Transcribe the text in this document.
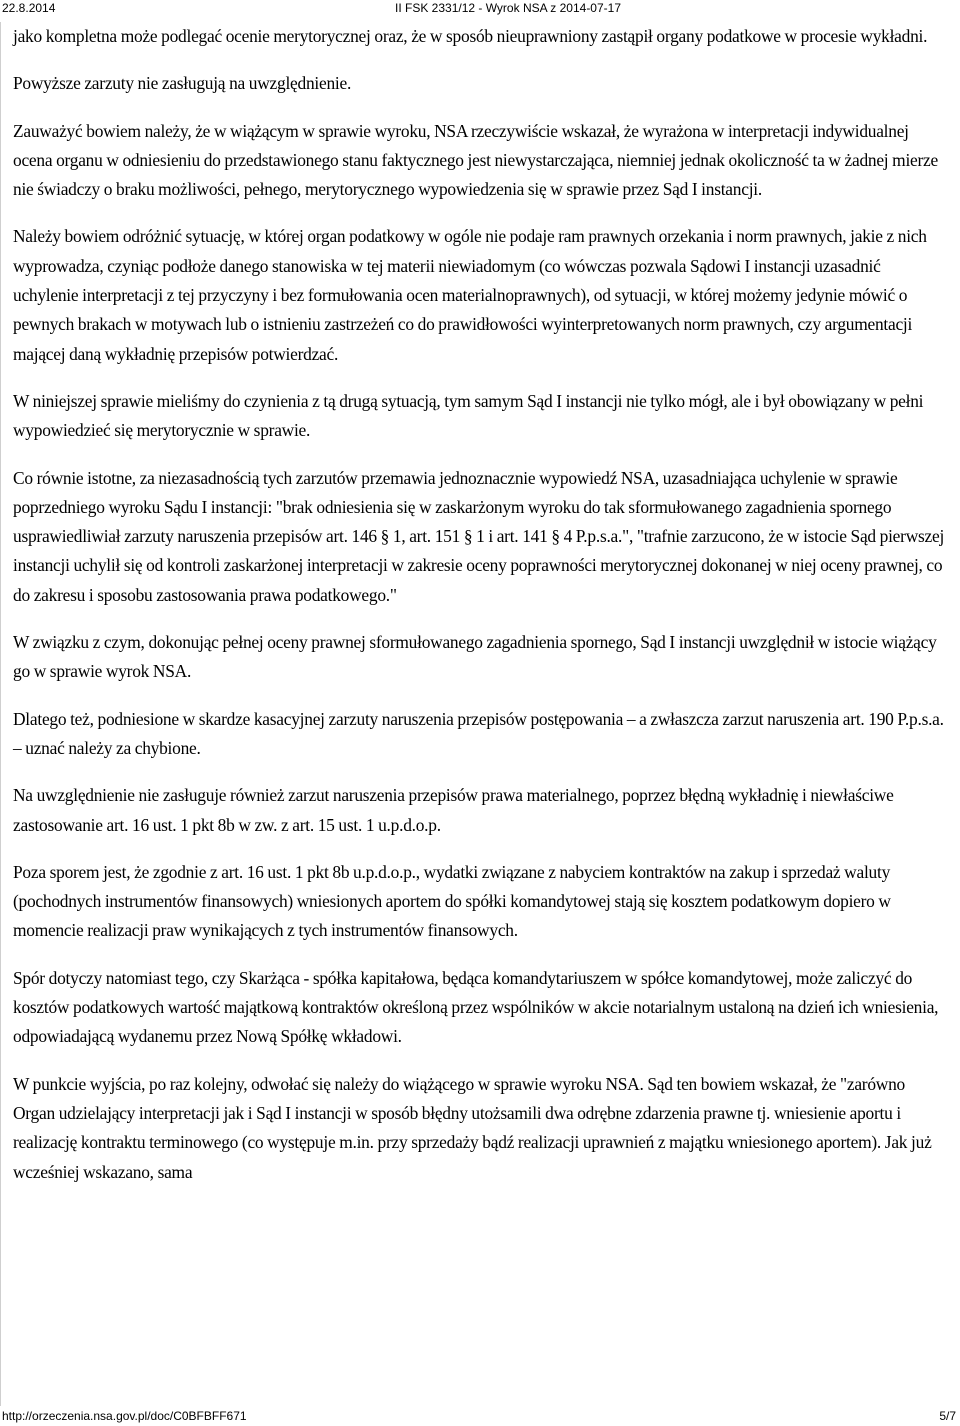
22.8.2014	II FSK 2331/12 - Wyrok NSA z 2014-07-17

jako kompletna może podlegać ocenie merytorycznej oraz, że w sposób nieuprawniony zastąpił organy podatkowe w procesie wykładni.

Powyższe zarzuty nie zasługują na uwzględnienie.

Zauważyć bowiem należy, że w wiążącym w sprawie wyroku, NSA rzeczywiście wskazał, że wyrażona w interpretacji indywidualnej ocena organu w odniesieniu do przedstawionego stanu faktycznego jest niewystarczająca, niemniej jednak okoliczność ta w żadnej mierze nie świadczy o braku możliwości, pełnego, merytorycznego wypowiedzenia się w sprawie przez Sąd I instancji.

Należy bowiem odróżnić sytuację, w której organ podatkowy w ogóle nie podaje ram prawnych orzekania i norm prawnych, jakie z nich wyprowadza, czyniąc podłoże danego stanowiska w tej materii niewiadomym (co wówczas pozwala Sądowi I instancji uzasadnić uchylenie interpretacji z tej przyczyny i bez formułowania ocen materialnoprawnych), od sytuacji, w której możemy jedynie mówić o pewnych brakach w motywach lub o istnieniu zastrzeżeń co do prawidłowości wyinterpretowanych norm prawnych, czy argumentacji mającej daną wykładnię przepisów potwierdzać.

W niniejszej sprawie mieliśmy do czynienia z tą drugą sytuacją, tym samym Sąd I instancji nie tylko mógł, ale i był obowiązany w pełni wypowiedzieć się merytorycznie w sprawie.

Co równie istotne, za niezasadnością tych zarzutów przemawia jednoznacznie wypowiedź NSA, uzasadniająca uchylenie w sprawie poprzedniego wyroku Sądu I instancji: "brak odniesienia się w zaskarżonym wyroku do tak sformułowanego zagadnienia spornego usprawiedliwiał zarzuty naruszenia przepisów art. 146 § 1, art. 151 § 1 i art. 141 § 4 P.p.s.a.", "trafnie zarzucono, że w istocie Sąd pierwszej instancji uchylił się od kontroli zaskarżonej interpretacji w zakresie oceny poprawności merytorycznej dokonanej w niej oceny prawnej, co do zakresu i sposobu zastosowania prawa podatkowego."

W związku z czym, dokonując pełnej oceny prawnej sformułowanego zagadnienia spornego, Sąd I instancji uwzględnił w istocie wiążący go w sprawie wyrok NSA.

Dlatego też, podniesione w skardze kasacyjnej zarzuty naruszenia przepisów postępowania – a zwłaszcza zarzut naruszenia art. 190 P.p.s.a. – uznać należy za chybione.

Na uwzględnienie nie zasługuje również zarzut naruszenia przepisów prawa materialnego, poprzez błędną wykładnię i niewłaściwe zastosowanie art. 16 ust. 1 pkt 8b w zw. z art. 15 ust. 1 u.p.d.o.p.

Poza sporem jest, że zgodnie z art. 16 ust. 1 pkt 8b u.p.d.o.p., wydatki związane z nabyciem kontraktów na zakup i sprzedaż waluty (pochodnych instrumentów finansowych) wniesionych aportem do spółki komandytowej stają się kosztem podatkowym dopiero w momencie realizacji praw wynikających z tych instrumentów finansowych.

Spór dotyczy natomiast tego, czy Skarżąca - spółka kapitałowa, będąca komandytariuszem w spółce komandytowej, może zaliczyć do kosztów podatkowych wartość majątkową kontraktów określoną przez wspólników w akcie notarialnym ustaloną na dzień ich wniesienia, odpowiadającą wydanemu przez Nową Spółkę wkładowi.

W punkcie wyjścia, po raz kolejny, odwołać się należy do wiążącego w sprawie wyroku NSA. Sąd ten bowiem wskazał, że "zarówno Organ udzielający interpretacji jak i Sąd I instancji w sposób błędny utożsamili dwa odrębne zdarzenia prawne tj. wniesienie aportu i realizację kontraktu terminowego (co występuje m.in. przy sprzedaży bądź realizacji uprawnień z majątku wniesionego aportem). Jak już wcześniej wskazano, sama

http://orzeczenia.nsa.gov.pl/doc/C0BFBFF671	5/7
